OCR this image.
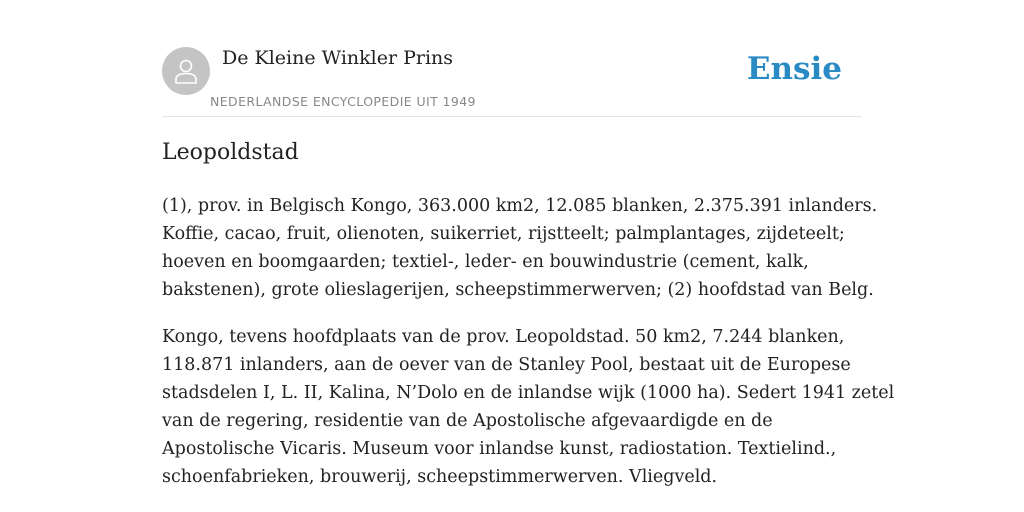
De Kleine Winkler Prins
NEDERLANDSE ENCYCLOPEDIE UIT 1949
Ensie
Leopoldstad

(1), prov. in Belgisch Kongo, 363.000 km2, 12.085 blanken, 2.375.391 inlanders.
Koffie, cacao, fruit, olienoten, suikerriet, rijstteelt; palmplantages, zijdeteelt;
hoeven en boomgaarden; textiel-, leder- en bouwindustrie (cement, kalk,
bakstenen), grote olieslagerijen, scheepstimmerwerven; (2) hoofdstad van Belg.

Kongo, tevens hoofdplaats van de prov. Leopoldstad. 50 km2, 7.244 blanken,
118.871 inlanders, aan de oever van de Stanley Pool, bestaat uit de Europese
stadsdelen I, L. II, Kalina, N’Dolo en de inlandse wijk (1000 ha). Sedert 1941 zetel
van de regering, residentie van de Apostolische afgevaardigde en de
Apostolische Vicaris. Museum voor inlandse kunst, radiostation. Textielind.,
schoenfabrieken, brouwerij, scheepstimmerwerven. Vliegveld.
